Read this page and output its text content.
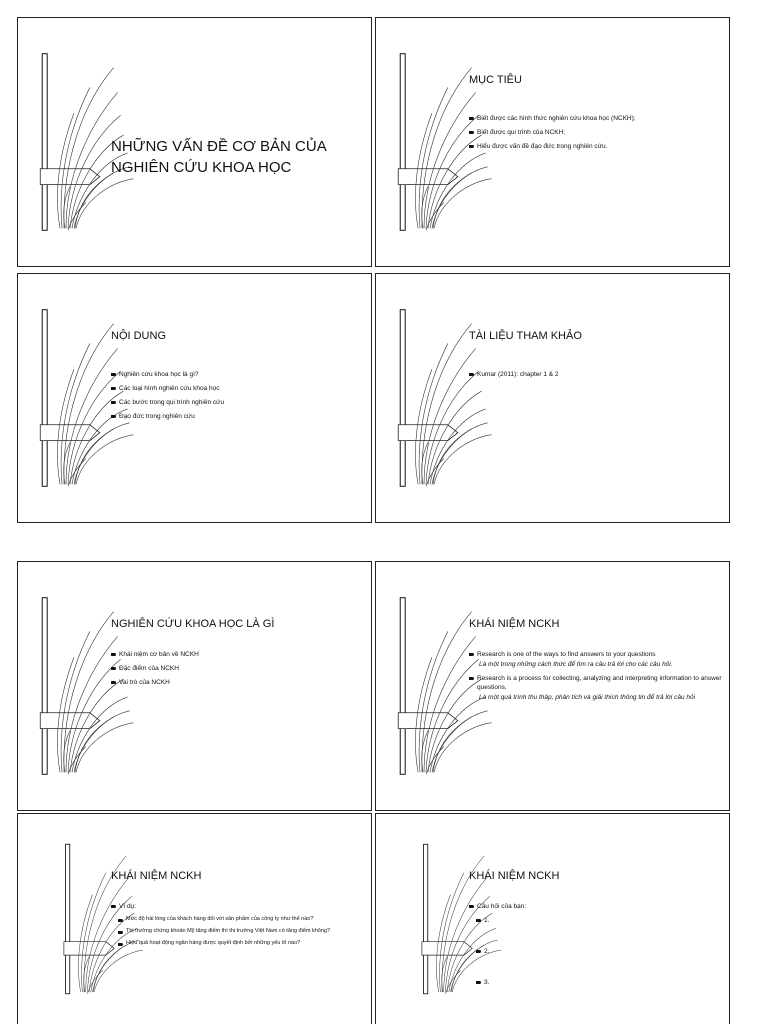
NHỮNG VẤN ĐỀ CƠ BẢN CỦA NGHIÊN CỨU KHOA HỌC
MỤC TIÊU
Biết được các hình thức nghiên cứu khoa học (NCKH);
Biết được qui trình của NCKH;
Hiểu được vấn đề đạo đức trong nghiên cứu.
NỘI DUNG
Nghiên cứu khoa học là gì?
Các loại hình nghiên cứu khoa học
Các bước trong qui trình nghiên cứu
Đạo đức trong nghiên cứu
TÀI LIỆU THAM KHẢO
Kumar (2011): chapter 1 & 2
NGHIÊN CỨU KHOA HỌC LÀ GÌ
Khái niệm cơ bản về NCKH
Đặc điểm của NCKH
Vai trò của NCKH
KHÁI NIỆM NCKH
Research is one of the ways to find answers to your questions
Là một trong những cách thức để tìm ra câu trả lời cho các câu hỏi.
Research is a process for collecting, analyzing and interpreting information to answer questions.
Là một quá trình thu thập, phân tích và giải thích thông tin để trả lời câu hỏi
KHÁI NIỆM NCKH
Ví dụ:
Mức độ hài lòng của khách hàng đối với sản phẩm của công ty như thế nào?
Thị trường chứng khoán Mỹ tăng điểm thì thị trường Việt Nam có tăng điểm không?
Hiệu quả hoạt động ngân hàng được quyết định bởi những yếu tố nào?
KHÁI NIỆM NCKH
Câu hỏi của bạn:
1.
2.
3.
